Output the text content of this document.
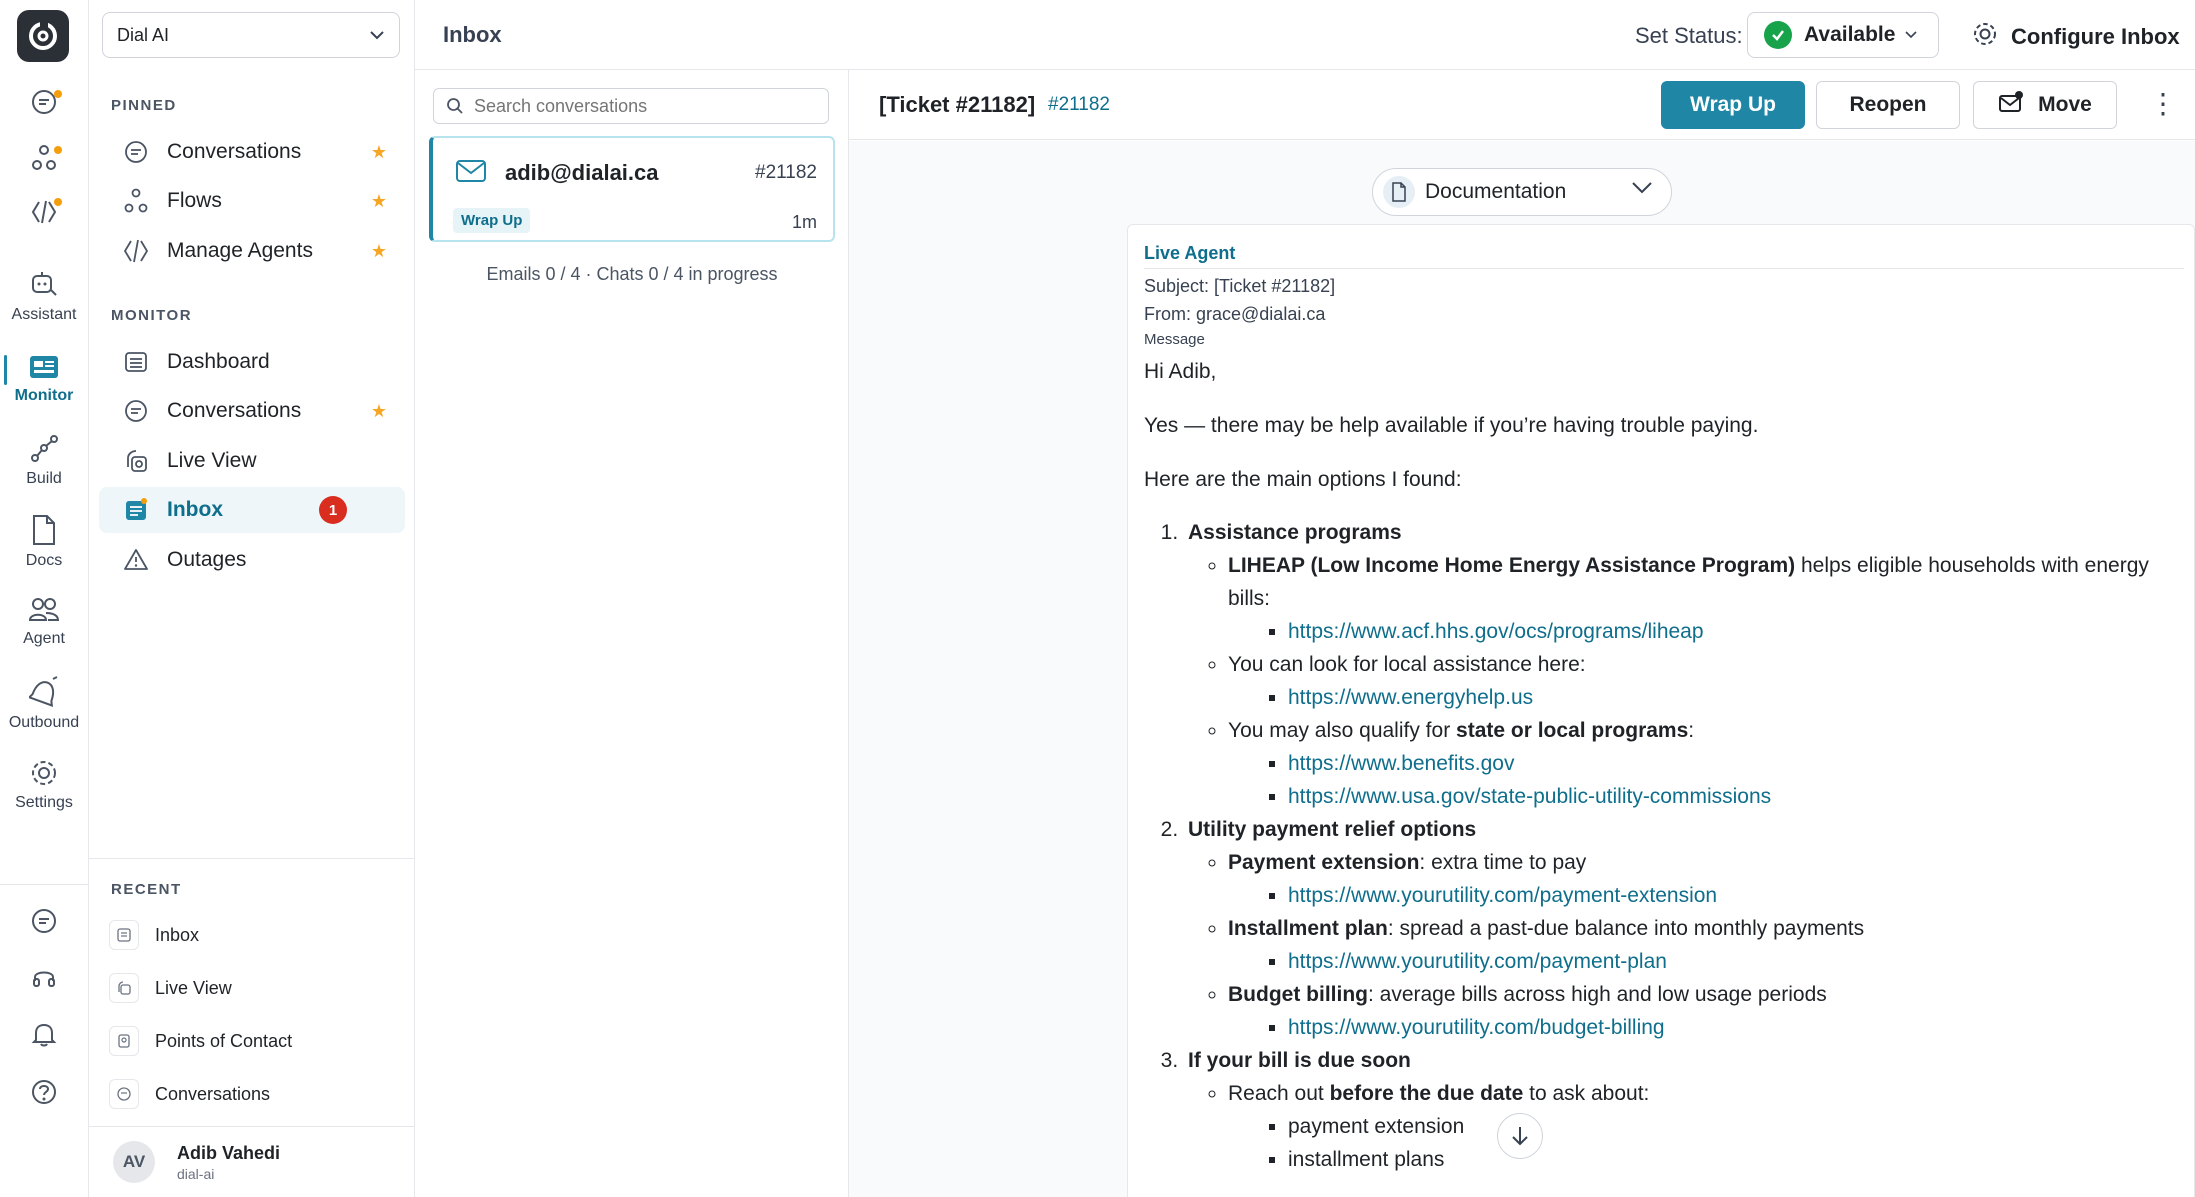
Assistant
Monitor
Build
Docs
Agent
Outbound
Settings
Dial AI
PINNED
Conversations	★
Flows	★
Manage Agents	★
MONITOR
Dashboard
Conversations	★
Live View
Inbox	1
Outages
RECENT
Inbox
Live View
Points of Contact
Conversations
AV	Adib Vahedi
dial-ai
Inbox	Set Status:	Available	Configure Inbox
Search conversations
adib@dialai.ca	#21182
Wrap Up	1m
Emails 0 / 4 · Chats 0 / 4 in progress
[Ticket #21182] #21182	Wrap Up	Reopen	Move ⋮
Documentation
Live Agent
Subject: [Ticket #21182]
From: grace@dialai.ca
Message
Hi Adib,
Yes — there may be help available if you’re having trouble paying.
Here are the main options I found:
1. Assistance programs
◦ LIHEAP (Low Income Home Energy Assistance Program) helps eligible households with energy bills:
▪ https://www.acf.hhs.gov/ocs/programs/liheap
◦ You can look for local assistance here:
▪ https://www.energyhelp.us
◦ You may also qualify for state or local programs:
▪ https://www.benefits.gov
▪ https://www.usa.gov/state-public-utility-commissions
2. Utility payment relief options
◦ Payment extension: extra time to pay
▪ https://www.yourutility.com/payment-extension
◦ Installment plan: spread a past-due balance into monthly payments
▪ https://www.yourutility.com/payment-plan
◦ Budget billing: average bills across high and low usage periods
▪ https://www.yourutility.com/budget-billing
3. If your bill is due soon
◦ Reach out before the due date to ask about:
▪ payment extension
▪ installment plans
